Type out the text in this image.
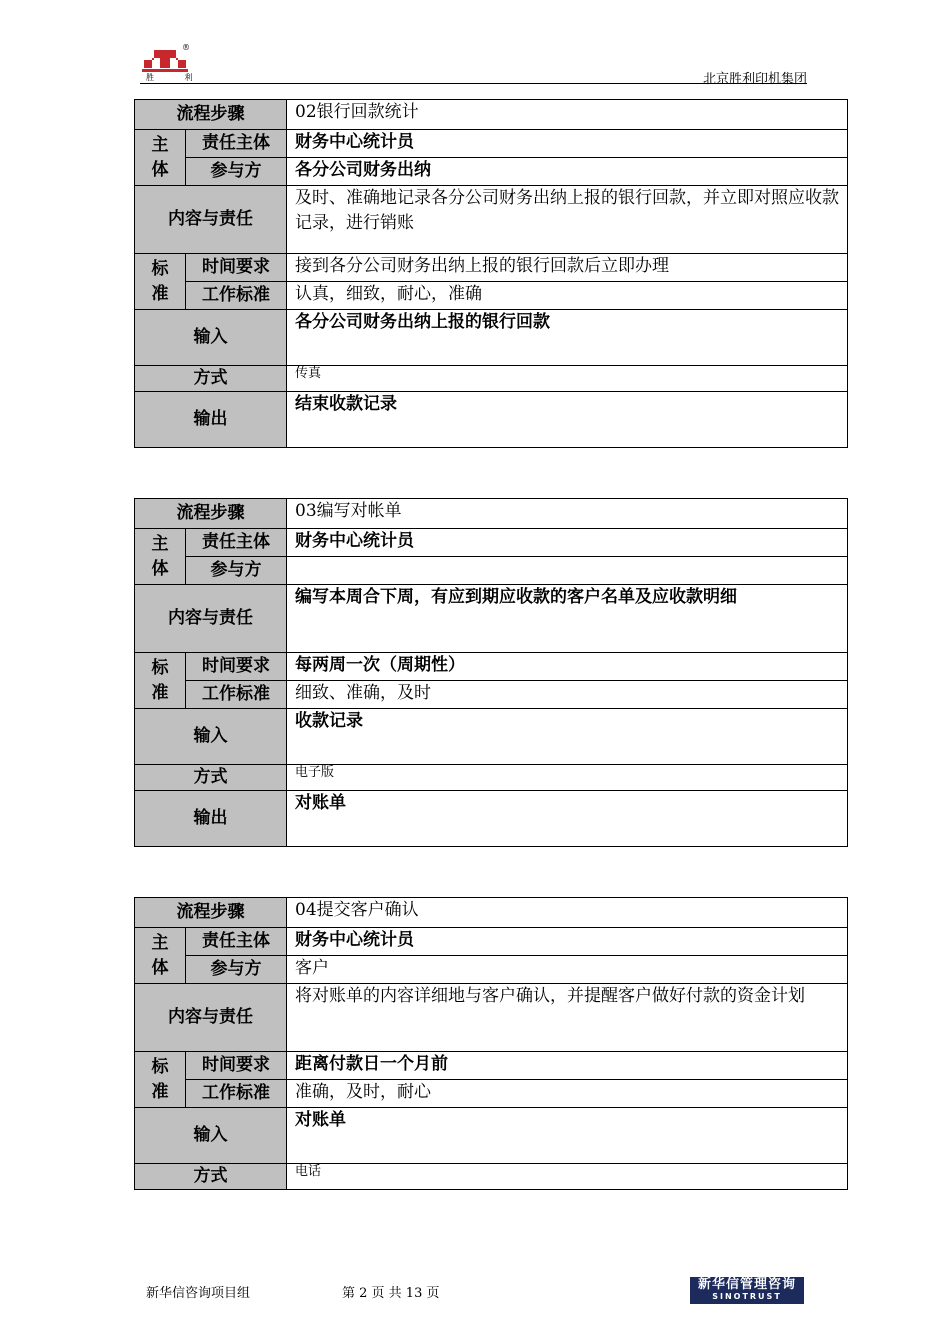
®
胜 利	北京胜利印机集团
流程步骤		02银行回款统计
主
体	责任主体	财务中心统计员
	参与方	各分公司财务出纳
内容与责任		及时、准确地记录各分公司财务出纳上报的银行回款，并立即对照应收款记录，进行销账
标
准	时间要求	接到各分公司财务出纳上报的银行回款后立即办理
	工作标准	认真，细致，耐心，准确
输入		各分公司财务出纳上报的银行回款
方式		传真
输出		结束收款记录
流程步骤		03编写对帐单
主
体	责任主体	财务中心统计员
	参与方	
内容与责任		编写本周合下周，有应到期应收款的客户名单及应收款明细
标
准	时间要求	每两周一次（周期性）
	工作标准	细致、准确，及时
输入		收款记录
方式		电子版
输出		对账单
流程步骤		04提交客户确认
主
体	责任主体	财务中心统计员
	参与方	客户
内容与责任		将对账单的内容详细地与客户确认，并提醒客户做好付款的资金计划
标
准	时间要求	距离付款日一个月前
	工作标准	准确，及时，耐心
输入		对账单
方式		电话
新华信咨询项目组	第 2 页 共 13 页
新华信管理咨询
SINOTRUST
